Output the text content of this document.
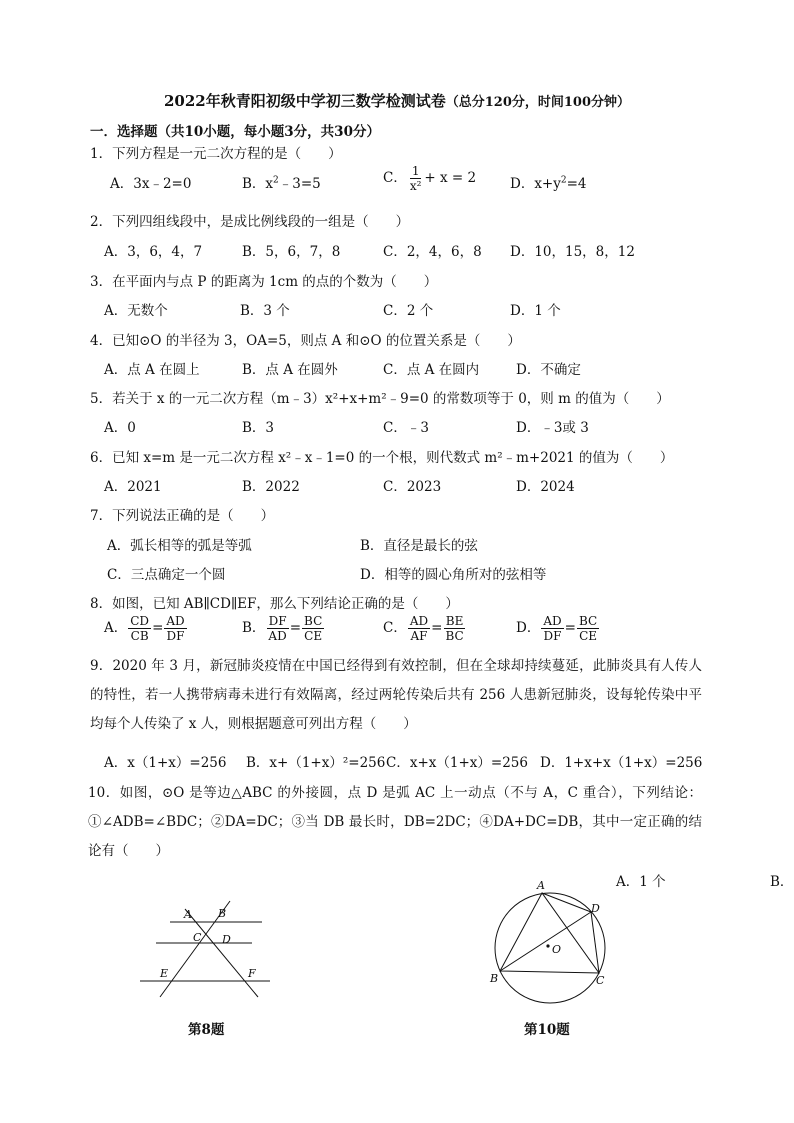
2022年秋青阳初级中学初三数学检测试卷（总分120分，时间100分钟）
一．选择题（共10小题，每小题3分，共30分）
1．下列方程是一元二次方程的是（　　）
A．3x﹣2=0	B．$x^2﹣3=5$	C． $\frac{1}{\text{x²}} + x = 2$	D．$x+y^2=4$
2．下列四组线段中，是成比例线段的一组是（　　）
A．3，6，4，7	B．5，6，7，8	C．2，4，6，8 D．10，15，8，12
3．在平面内与点 P 的距离为 1cm 的点的个数为（　　）
A．无数个	B．3 个	C．2 个	D．1 个
4．已知⊙O 的半径为 3，OA=5，则点 A 和⊙O 的位置关系是（　　）
A．点 A 在圆上	B．点 A 在圆外	C．点 A 在圆内	D．不确定
5．若关于 x 的一元二次方程（m﹣3）x²+x+m²﹣9=0 的常数项等于 0，则 m 的值为（　　）
A．0	B．3	C．﹣3	D．﹣3或 3
6．已知 x=m 是一元二次方程 x²﹣x﹣1=0 的一个根，则代数式 m²﹣m+2021 的值为（　　）
A．2021	B．2022	C．2023	D．2024
7．下列说法正确的是（　　）
A．弧长相等的弧是等弧	B．直径是最长的弦
C．三点确定一个圆	D．相等的圆心角所对的弦相等
8．如图，已知 AB∥CD∥EF，那么下列结论正确的是（　　）
A． $\frac{CD}{CB} = \frac{AD}{DF}$	B． $\frac{DF}{AD} = \frac{BC}{CE}$	C． $\frac{AD}{AF} = \frac{BE}{BC}$	D． $\frac{AD}{DF} = \frac{BC}{CE}$
9．2020 年 3 月，新冠肺炎疫情在中国已经得到有效控制，但在全球却持续蔓延，此肺炎具有人传人的特性，若一人携带病毒未进行有效隔离，经过两轮传染后共有 256 人患新冠肺炎，设每轮传染中平均每个人传染了 x 人，则根据题意可列出方程（　　）
A．x（1+x）=256 B．x+（1+x）²=256 C．x+x（1+x）=256 D．1+x+x（1+x）=256
10．如图，⊙O 是等边△ABC 的外接圆，点 D 是弧 AC 上一动点（不与 A，C 重合），下列结论：①∠ADB=∠BDC；②DA=DC；③当 DB 最长时，DB=2DC；④DA+DC=DB，其中一定正确的结论有（　　）
A．1 个	B．
A B
C D
E	F
第8题
A
D
O
B	C
第10题
